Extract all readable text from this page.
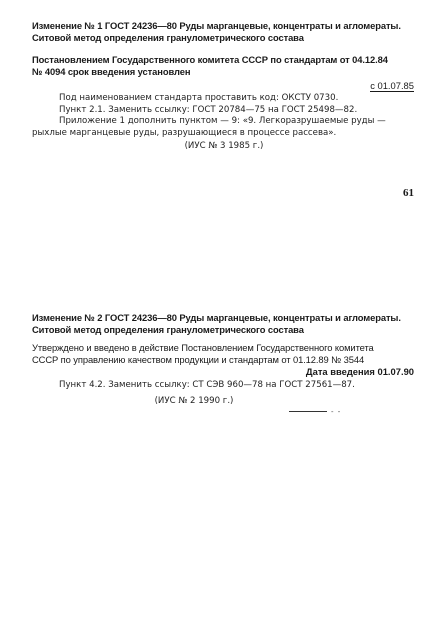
Изменение № 1 ГОСТ 24236—80 Руды марганцевые, концентраты и агломераты.

Ситовой метод определения гранулометрического состава

Постановлением Государственного комитета СССР по стандартам от 04.12.84

№ 4094 срок введения установлен

с 01.07.85

Под наименованием стандарта проставить код: ОКСТУ 0730.

Пункт 2.1. Заменить ссылку: ГОСТ 20784—75 на ГОСТ 25498—82.

Приложение 1 дополнить пунктом — 9: «9. Легкоразрушаемые руды —

рыхлые марганцевые руды, разрушающиеся в процессе рассева».

(ИУС № 3 1985 г.)

61

Изменение № 2 ГОСТ 24236—80 Руды марганцевые, концентраты и агломераты.

Ситовой метод определения гранулометрического состава

Утверждено и введено в действие Постановлением Государственного комитета

СССР по управлению качеством продукции и стандартам от 01.12.89 № 3544

Дата введения 01.07.90

Пункт 4.2. Заменить ссылку: СТ СЭВ 960—78 на ГОСТ 27561—87.

(ИУС № 2 1990 г.)

‐ ‐
